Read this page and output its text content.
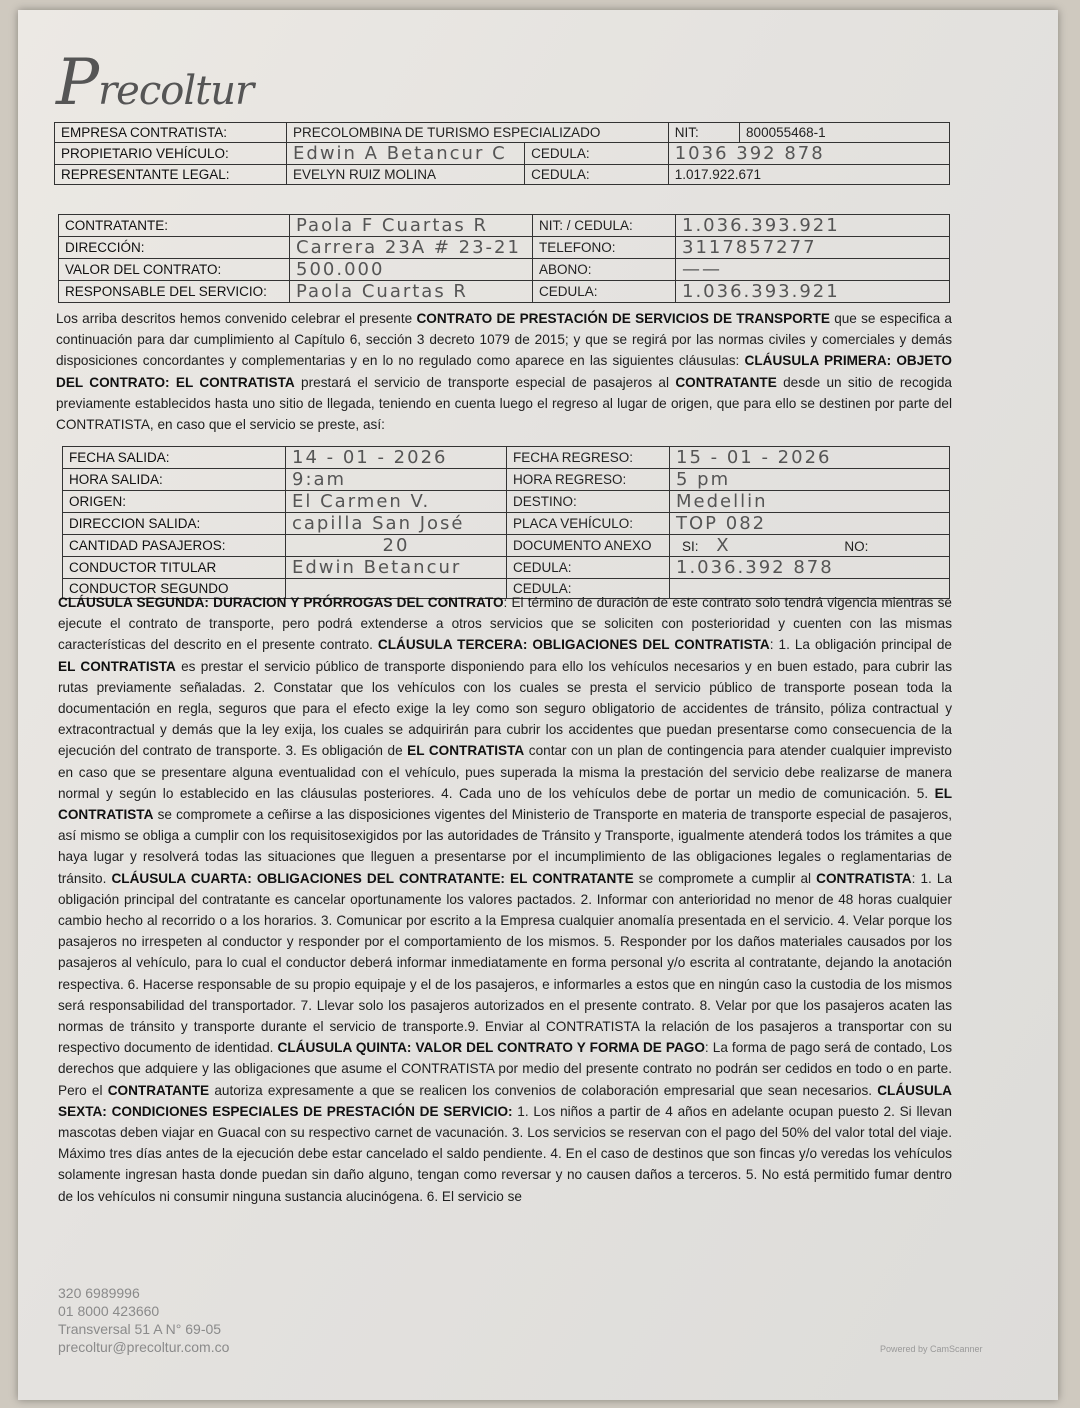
Precoltur
EMPRESA CONTRATISTA:	PRECOLOMBINA DE TURISMO ESPECIALIZADO		NIT:	800055468-1
PROPIETARIO VEHÍCULO:	Edwin A Betancur C	CEDULA:	1036 392 878	
REPRESENTANTE LEGAL:	EVELYN RUIZ MOLINA	CEDULA:	1.017.922.671	
CONTRATANTE:	Paola F Cuartas R	NIT: / CEDULA:	1.036.393.921
DIRECCIÓN:	Carrera 23A # 23-21	TELEFONO:	3117857277
VALOR DEL CONTRATO:	500.000	ABONO:	——
RESPONSABLE DEL SERVICIO:	Paola Cuartas R	CEDULA:	1.036.393.921
Los arriba descritos hemos convenido celebrar el presente CONTRATO DE PRESTACIÓN DE SERVICIOS DE TRANSPORTE que se especifica a continuación para dar cumplimiento al Capítulo 6, sección 3 decreto 1079 de 2015; y que se regirá por las normas civiles y comerciales y demás disposiciones concordantes y complementarias y en lo no regulado como aparece en las siguientes cláusulas: CLÁUSULA PRIMERA: OBJETO DEL CONTRATO: EL CONTRATISTA prestará el servicio de transporte especial de pasajeros al CONTRATANTE desde un sitio de recogida previamente establecidos hasta uno sitio de llegada, teniendo en cuenta luego el regreso al lugar de origen, que para ello se destinen por parte del CONTRATISTA, en caso que el servicio se preste, así:
FECHA SALIDA:	14 - 01 - 2026	FECHA REGRESO:	15 - 01 - 2026
HORA SALIDA:	9:am	HORA REGRESO:	5 pm
ORIGEN:	El Carmen V.	DESTINO:	Medellin
DIRECCION SALIDA:	capilla San José	PLACA VEHÍCULO:	TOP 082
CANTIDAD PASAJEROS:	20	DOCUMENTO ANEXO	SI: X NO:
CONDUCTOR TITULAR	Edwin Betancur	CEDULA:	1.036.392 878
CONDUCTOR SEGUNDO		CEDULA:	
CLÁUSULA SEGUNDA: DURACION Y PRÓRROGAS DEL CONTRATO: El término de duración de este contrato solo tendrá vigencia mientras se ejecute el contrato de transporte, pero podrá extenderse a otros servicios que se soliciten con posterioridad y cuenten con las mismas características del descrito en el presente contrato. CLÁUSULA TERCERA: OBLIGACIONES DEL CONTRATISTA: 1. La obligación principal de EL CONTRATISTA es prestar el servicio público de transporte disponiendo para ello los vehículos necesarios y en buen estado, para cubrir las rutas previamente señaladas. 2. Constatar que los vehículos con los cuales se presta el servicio público de transporte posean toda la documentación en regla, seguros que para el efecto exige la ley como son seguro obligatorio de accidentes de tránsito, póliza contractual y extracontractual y demás que la ley exija, los cuales se adquirirán para cubrir los accidentes que puedan presentarse como consecuencia de la ejecución del contrato de transporte. 3. Es obligación de EL CONTRATISTA contar con un plan de contingencia para atender cualquier imprevisto en caso que se presentare alguna eventualidad con el vehículo, pues superada la misma la prestación del servicio debe realizarse de manera normal y según lo establecido en las cláusulas posteriores. 4. Cada uno de los vehículos debe de portar un medio de comunicación. 5. EL CONTRATISTA se compromete a ceñirse a las disposiciones vigentes del Ministerio de Transporte en materia de transporte especial de pasajeros, así mismo se obliga a cumplir con los requisitosexigidos por las autoridades de Tránsito y Transporte, igualmente atenderá todos los trámites a que haya lugar y resolverá todas las situaciones que lleguen a presentarse por el incumplimiento de las obligaciones legales o reglamentarias de tránsito. CLÁUSULA CUARTA: OBLIGACIONES DEL CONTRATANTE: EL CONTRATANTE se compromete a cumplir al CONTRATISTA: 1. La obligación principal del contratante es cancelar oportunamente los valores pactados. 2. Informar con anterioridad no menor de 48 horas cualquier cambio hecho al recorrido o a los horarios. 3. Comunicar por escrito a la Empresa cualquier anomalía presentada en el servicio. 4. Velar porque los pasajeros no irrespeten al conductor y responder por el comportamiento de los mismos. 5. Responder por los daños materiales causados por los pasajeros al vehículo, para lo cual el conductor deberá informar inmediatamente en forma personal y/o escrita al contratante, dejando la anotación respectiva. 6. Hacerse responsable de su propio equipaje y el de los pasajeros, e informarles a estos que en ningún caso la custodia de los mismos será responsabilidad del transportador. 7. Llevar solo los pasajeros autorizados en el presente contrato. 8. Velar por que los pasajeros acaten las normas de tránsito y transporte durante el servicio de transporte.9. Enviar al CONTRATISTA la relación de los pasajeros a transportar con su respectivo documento de identidad. CLÁUSULA QUINTA: VALOR DEL CONTRATO Y FORMA DE PAGO: La forma de pago será de contado, Los derechos que adquiere y las obligaciones que asume el CONTRATISTA por medio del presente contrato no podrán ser cedidos en todo o en parte. Pero el CONTRATANTE autoriza expresamente a que se realicen los convenios de colaboración empresarial que sean necesarios. CLÁUSULA SEXTA: CONDICIONES ESPECIALES DE PRESTACIÓN DE SERVICIO: 1. Los niños a partir de 4 años en adelante ocupan puesto 2. Si llevan mascotas deben viajar en Guacal con su respectivo carnet de vacunación. 3. Los servicios se reservan con el pago del 50% del valor total del viaje. Máximo tres días antes de la ejecución debe estar cancelado el saldo pendiente. 4. En el caso de destinos que son fincas y/o veredas los vehículos solamente ingresan hasta donde puedan sin daño alguno, tengan como reversar y no causen daños a terceros. 5. No está permitido fumar dentro de los vehículos ni consumir ninguna sustancia alucinógena. 6. El servicio se
320 6989996
01 8000 423660
Transversal 51 A N° 69-05
precoltur@precoltur.com.co	Powered by CamScanner
